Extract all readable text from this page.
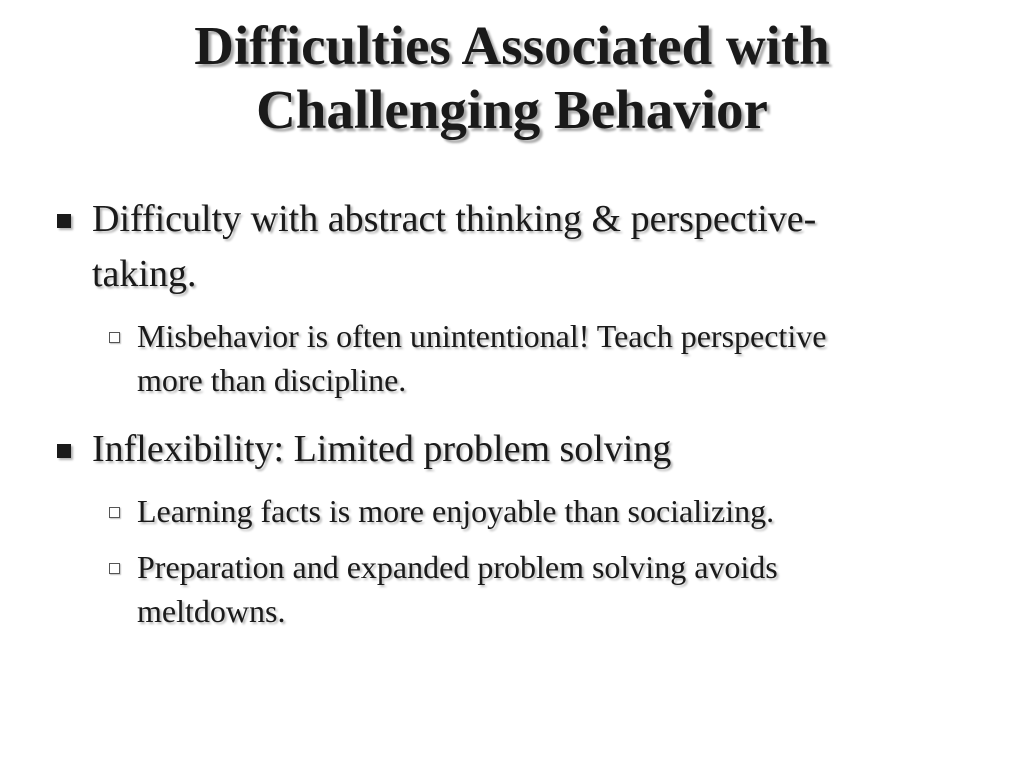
Difficulties Associated with
Challenging Behavior
Difficulty with abstract thinking & perspective-
taking.
Misbehavior is often unintentional! Teach perspective
more than discipline.
Inflexibility: Limited problem solving
Learning facts is more enjoyable than socializing.
Preparation and expanded problem solving avoids
meltdowns.
